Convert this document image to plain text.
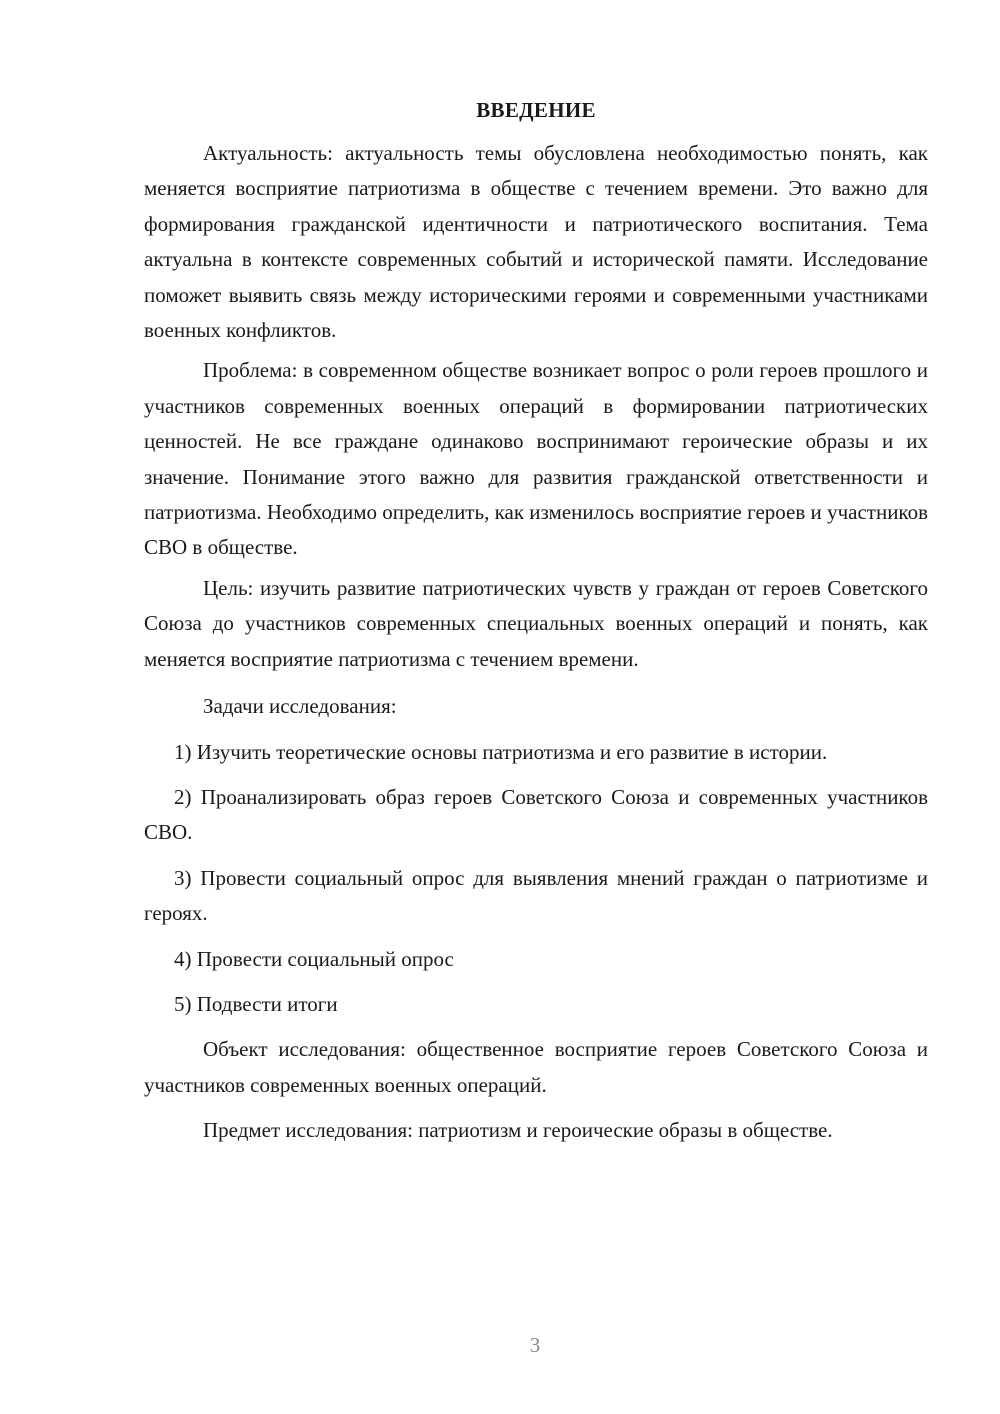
ВВЕДЕНИЕ

Актуальность: актуальность темы обусловлена необходимостью понять, как меняется восприятие патриотизма в обществе с течением времени. Это важно для формирования гражданской идентичности и патриотического воспитания. Тема актуальна в контексте современных событий и исторической памяти. Исследование поможет выявить связь между историческими героями и современными участниками военных конфликтов.

Проблема: в современном обществе возникает вопрос о роли героев прошлого и участников современных военных операций в формировании патриотических ценностей. Не все граждане одинаково воспринимают героические образы и их значение. Понимание этого важно для развития гражданской ответственности и патриотизма. Необходимо определить, как изменилось восприятие героев и участников СВО в обществе.

Цель: изучить развитие патриотических чувств у граждан от героев Советского Союза до участников современных специальных военных операций и понять, как меняется восприятие патриотизма с течением времени.

Задачи исследования:

1) Изучить теоретические основы патриотизма и его развитие в истории.

2) Проанализировать образ героев Советского Союза и современных участников СВО.

3) Провести социальный опрос для выявления мнений граждан о патриотизме и героях.

4) Провести социальный опрос

5) Подвести итоги

Объект исследования: общественное восприятие героев Советского Союза и участников современных военных операций.

Предмет исследования: патриотизм и героические образы в обществе.

3
